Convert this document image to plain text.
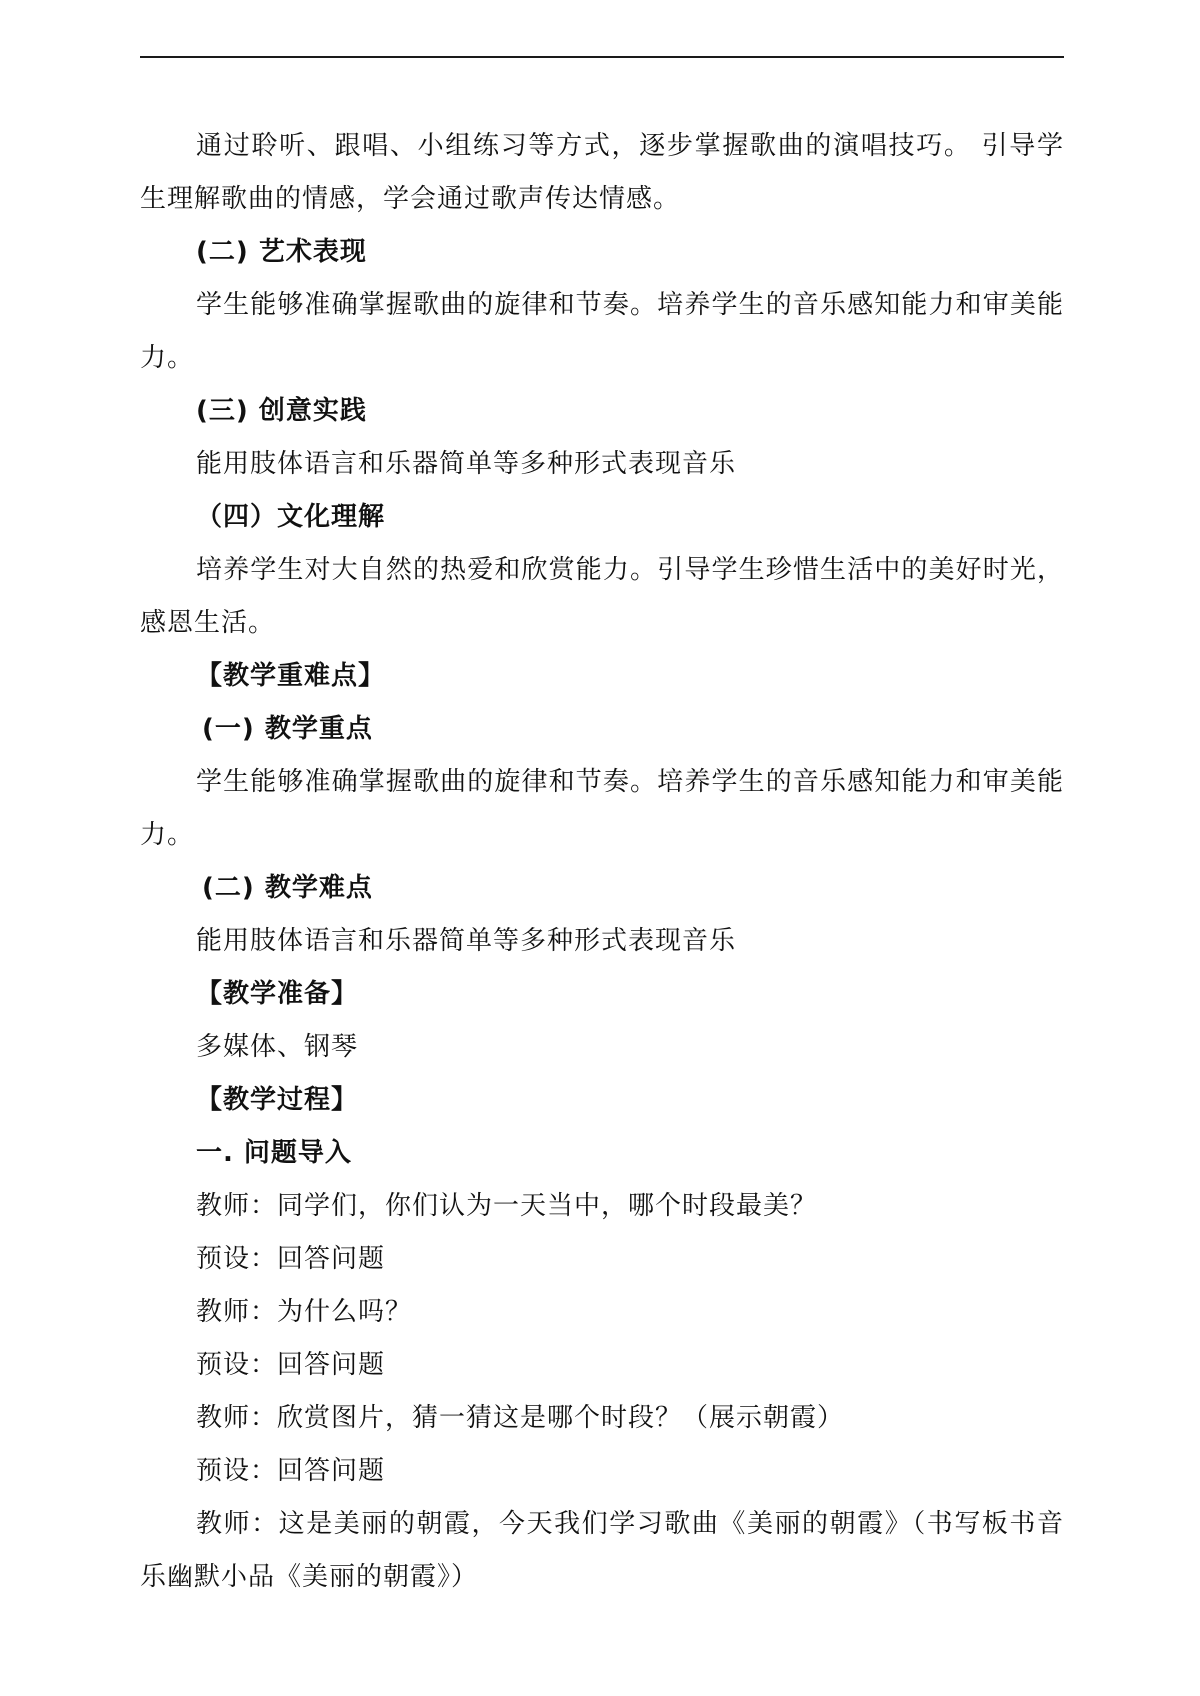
通过聆听、跟唱、小组练习等方式，逐步掌握歌曲的演唱技巧。 引导学生理解歌曲的情感，学会通过歌声传达情感。
(二) 艺术表现
学生能够准确掌握歌曲的旋律和节奏。培养学生的音乐感知能力和审美能力。
(三) 创意实践
能用肢体语言和乐器简单等多种形式表现音乐
（四）文化理解
培养学生对大自然的热爱和欣赏能力。引导学生珍惜生活中的美好时光，感恩生活。
【教学重难点】
(一) 教学重点
学生能够准确掌握歌曲的旋律和节奏。培养学生的音乐感知能力和审美能力。
(二) 教学难点
能用肢体语言和乐器简单等多种形式表现音乐
【教学准备】
多媒体、钢琴
【教学过程】
一. 问题导入
教师：同学们，你们认为一天当中，哪个时段最美？
预设：回答问题
教师：为什么吗？
预设：回答问题
教师：欣赏图片，猜一猜这是哪个时段？（展示朝霞）
预设：回答问题
教师：这是美丽的朝霞，今天我们学习歌曲《美丽的朝霞》（书写板书音乐幽默小品《美丽的朝霞》）
